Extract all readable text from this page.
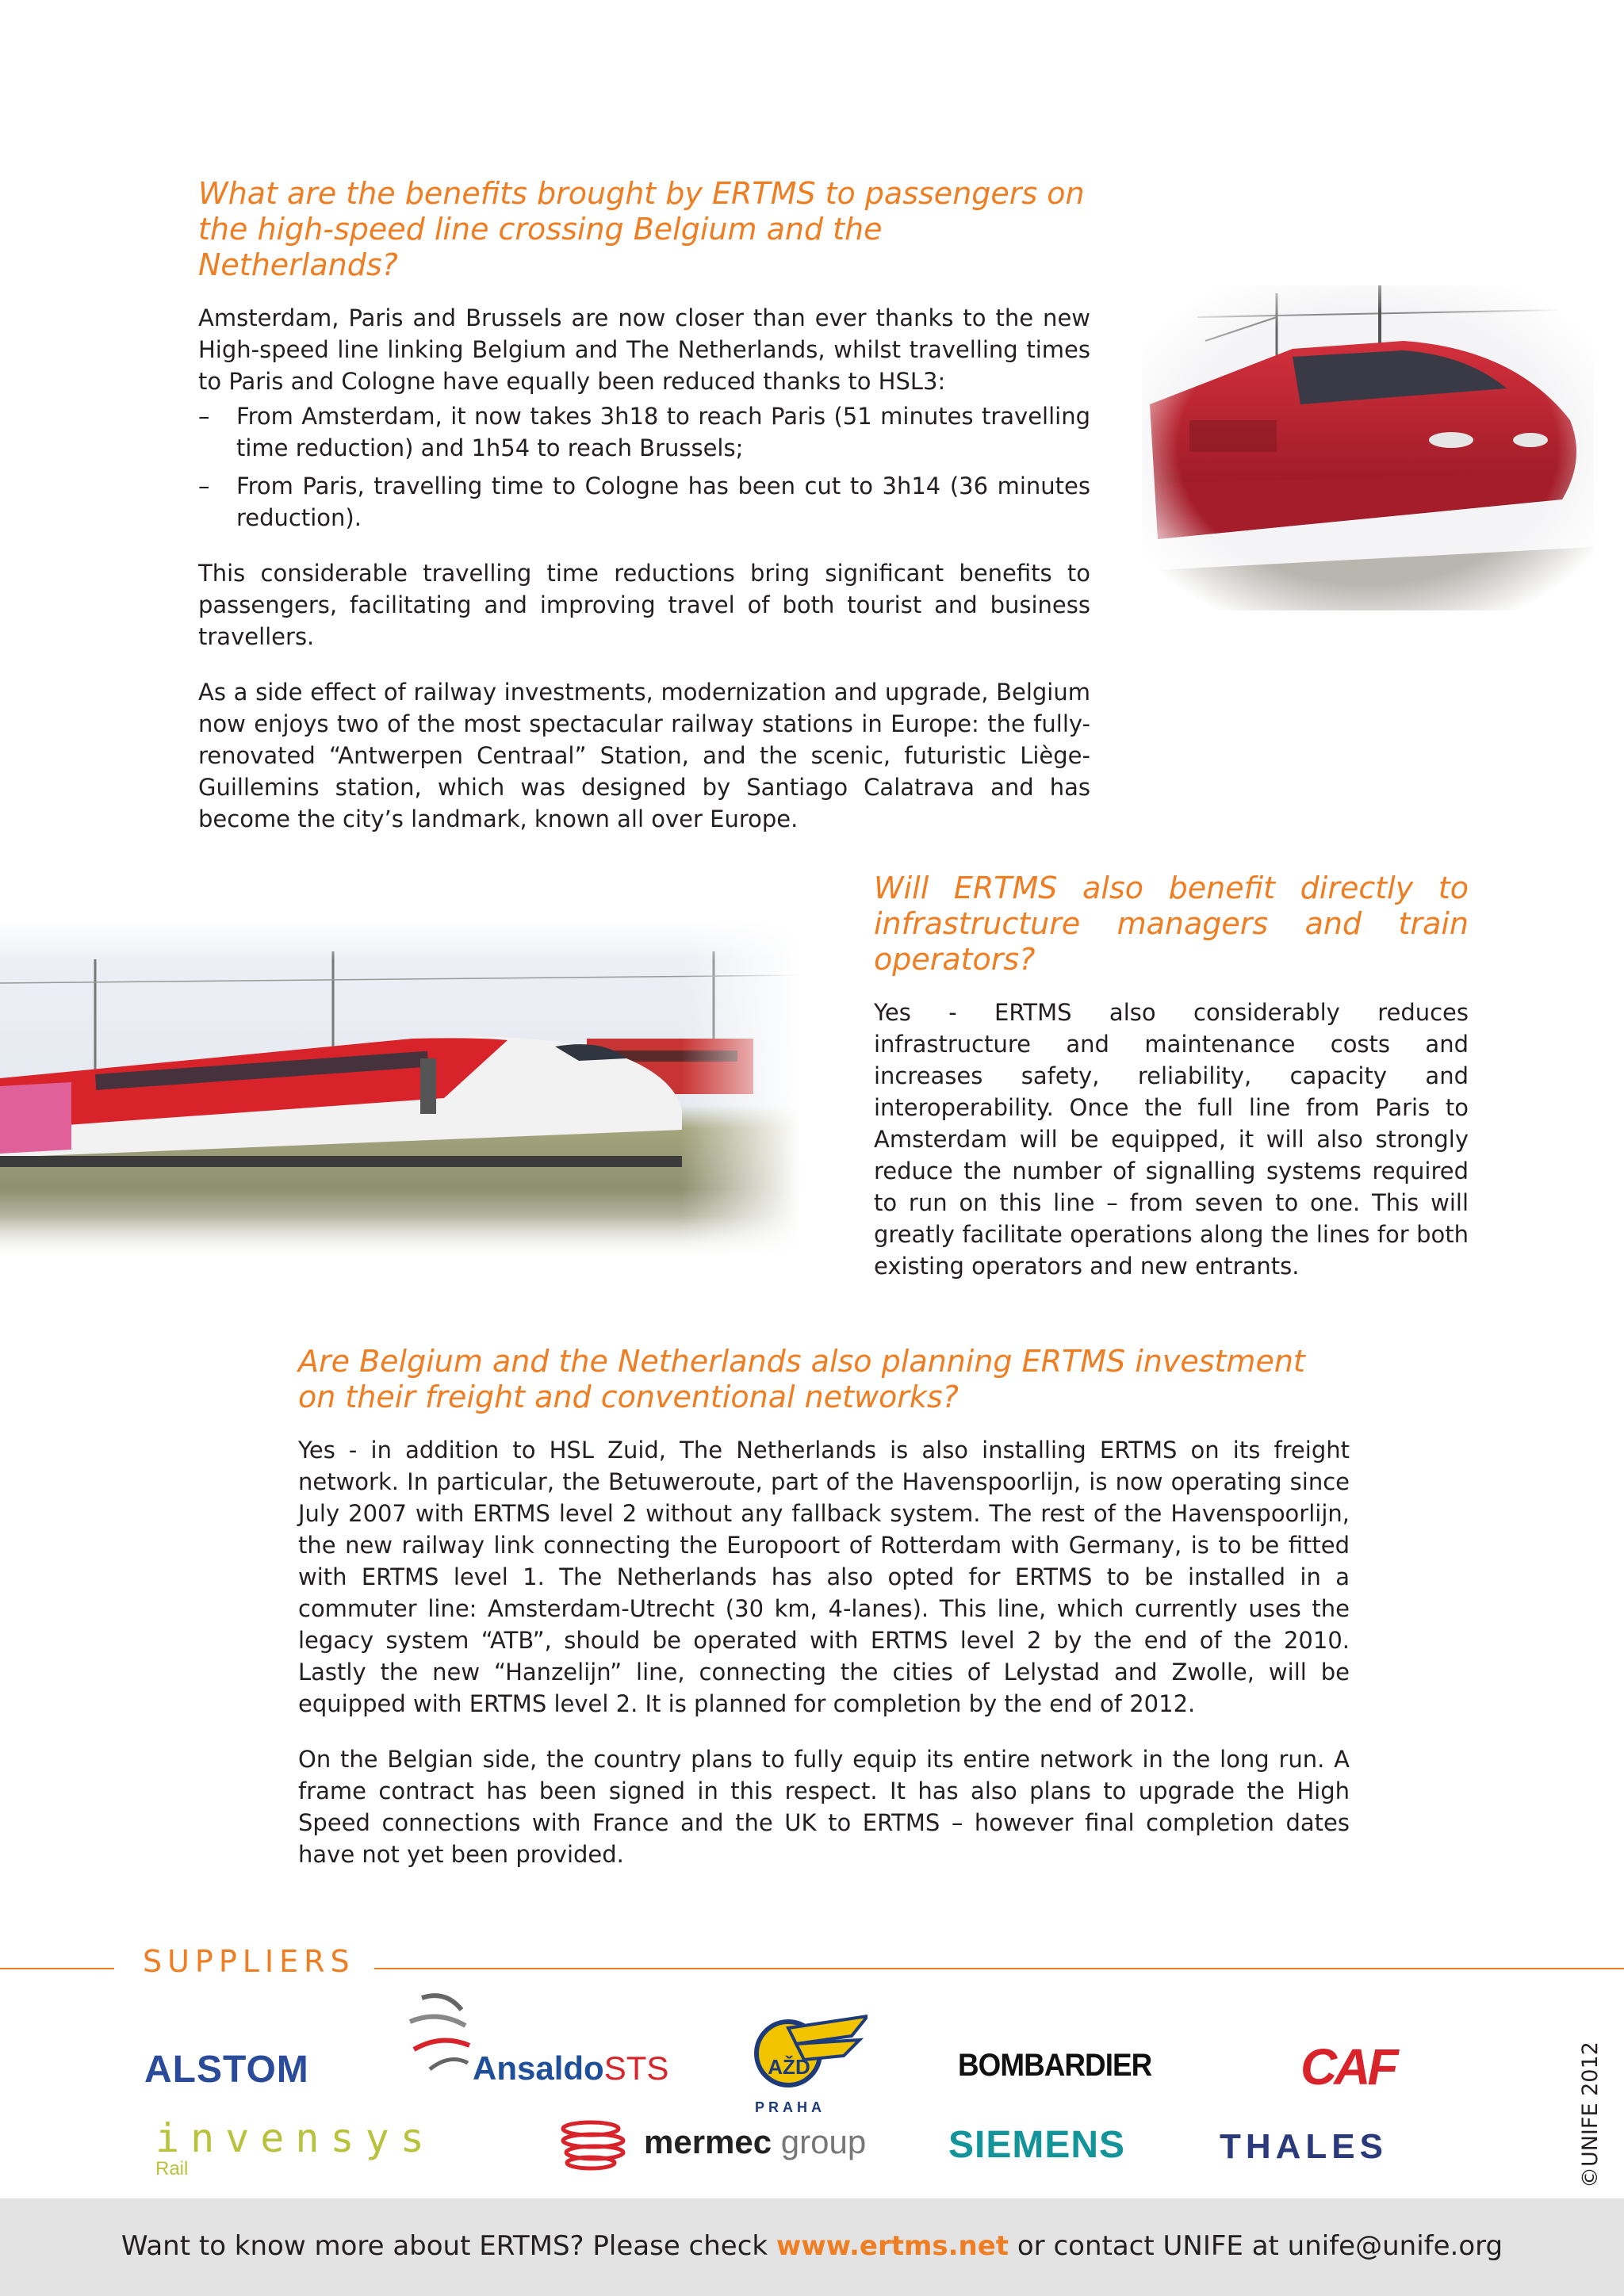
What are the benefits brought by ERTMS to passengers on the high-speed line crossing Belgium and the Netherlands?

Amsterdam, Paris and Brussels are now closer than ever thanks to the new High-speed line linking Belgium and The Netherlands, whilst travelling times to Paris and Cologne have equally been reduced thanks to HSL3:

– From Amsterdam, it now takes 3h18 to reach Paris (51 minutes travelling time reduction) and 1h54 to reach Brussels;
– From Paris, travelling time to Cologne has been cut to 3h14 (36 minutes reduction).

This considerable travelling time reductions bring significant benefits to passengers, facilitating and improving travel of both tourist and business travellers.

As a side effect of railway investments, modernization and upgrade, Belgium now enjoys two of the most spectacular railway stations in Europe: the fully-renovated “Antwerpen Centraal” Station, and the scenic, futuristic Liège-Guillemins station, which was designed by Santiago Calatrava and has become the city’s landmark, known all over Europe.

Will ERTMS also benefit directly to infrastructure managers and train operators?

Yes - ERTMS also considerably reduces infrastructure and maintenance costs and increases safety, reliability, capacity and interoperability. Once the full line from Paris to Amsterdam will be equipped, it will also strongly reduce the number of signalling systems required to run on this line – from seven to one. This will greatly facilitate operations along the lines for both existing operators and new entrants.

Are Belgium and the Netherlands also planning ERTMS investment on their freight and conventional networks?

Yes - in addition to HSL Zuid, The Netherlands is also installing ERTMS on its freight network. In particular, the Betuweroute, part of the Havenspoorlijn, is now operating since July 2007 with ERTMS level 2 without any fallback system. The rest of the Havenspoorlijn, the new railway link connecting the Europoort of Rotterdam with Germany, is to be fitted with ERTMS level 1. The Netherlands has also opted for ERTMS to be installed in a commuter line: Amsterdam-Utrecht (30 km, 4-lanes). This line, which currently uses the legacy system “ATB”, should be operated with ERTMS level 2 by the end of the 2010. Lastly the new “Hanzelijn” line, connecting the cities of Lelystad and Zwolle, will be equipped with ERTMS level 2. It is planned for completion by the end of 2012.

On the Belgian side, the country plans to fully equip its entire network in the long run. A frame contract has been signed in this respect. It has also plans to upgrade the High Speed connections with France and the UK to ERTMS – however final completion dates have not yet been provided.

SUPPLIERS
ALSTOM	AnsaldoSTS	AŽD
PRAHA
BOMBARDIER	CAF
invensys
Rail
mermec group SIEMENS	THALES	©UNIFE 2012
Want to know more about ERTMS? Please check www.ertms.net or contact UNIFE at unife@unife.org
